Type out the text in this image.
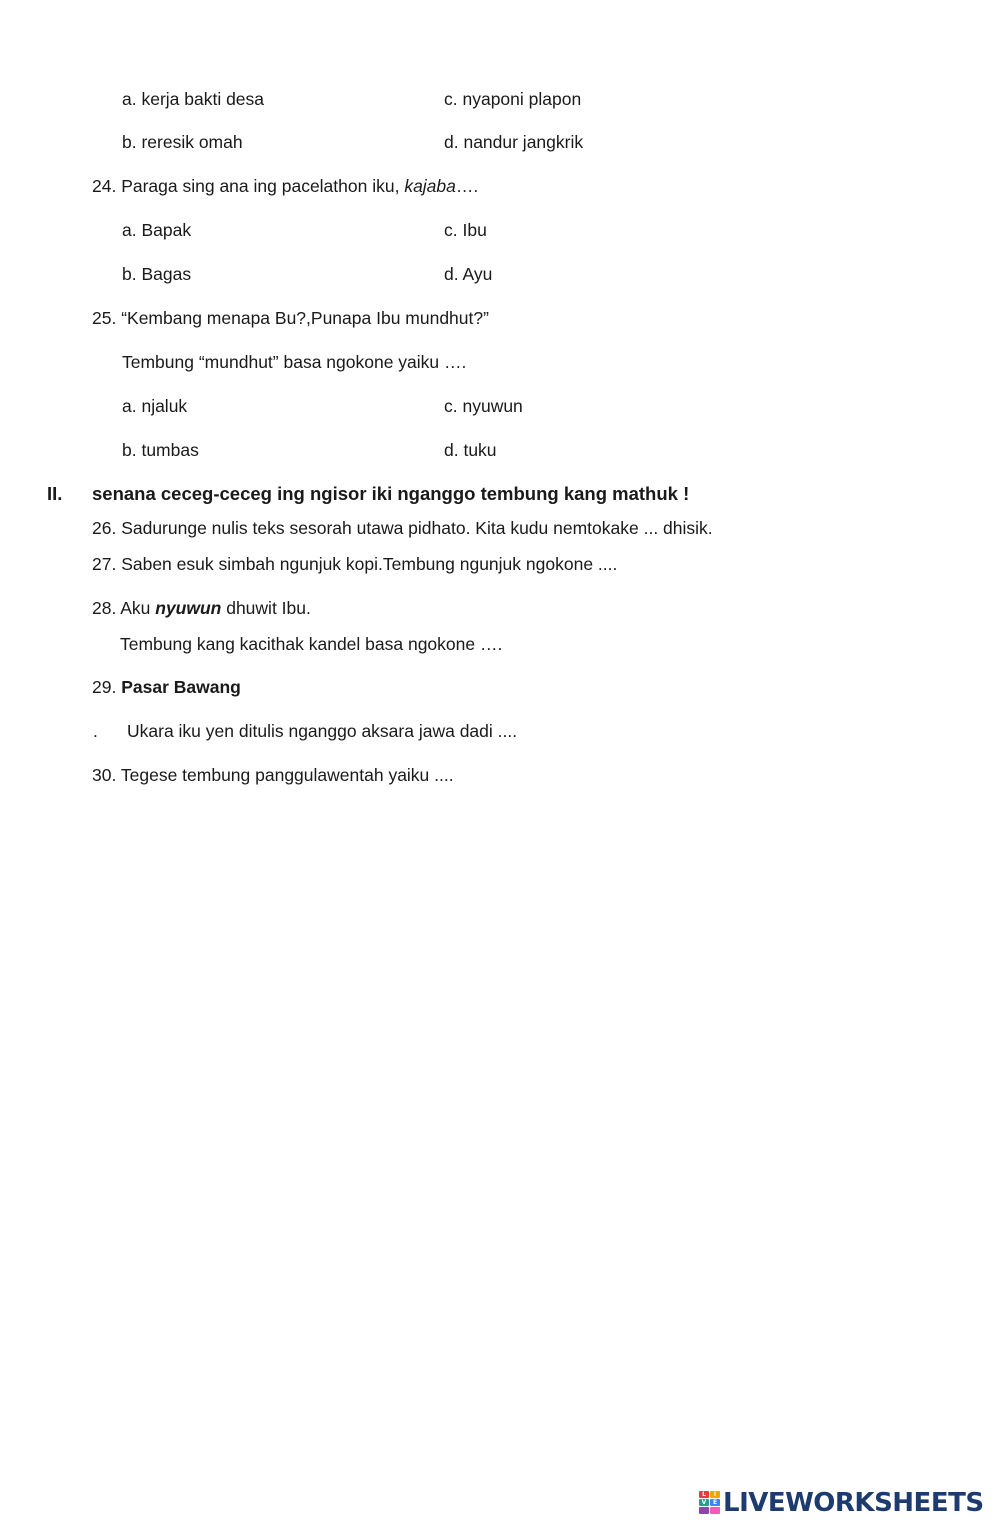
a. kerja bakti desa	c. nyaponi plapon
b. reresik omah	d. nandur jangkrik
24. Paraga sing ana ing pacelathon iku, kajaba….
a. Bapak	c. Ibu
b. Bagas	d. Ayu
25. “Kembang menapa Bu?,Punapa Ibu mundhut?”
Tembung “mundhut” basa ngokone yaiku ….
a. njaluk	c. nyuwun
b. tumbas	d. tuku
II. senana ceceg-ceceg ing ngisor iki nganggo tembung kang mathuk !
26. Sadurunge nulis teks sesorah utawa pidhato. Kita kudu nemtokake ... dhisik.
27. Saben esuk simbah ngunjuk kopi.Tembung ngunjuk ngokone ....
28. Aku nyuwun dhuwit Ibu.
Tembung kang kacithak kandel basa ngokone ….
29. Pasar Bawang
. Ukara iku yen ditulis nganggo aksara jawa dadi ....
30. Tegese tembung panggulawentah yaiku ....
L	I
V	E LIVEWORKSHEETS
